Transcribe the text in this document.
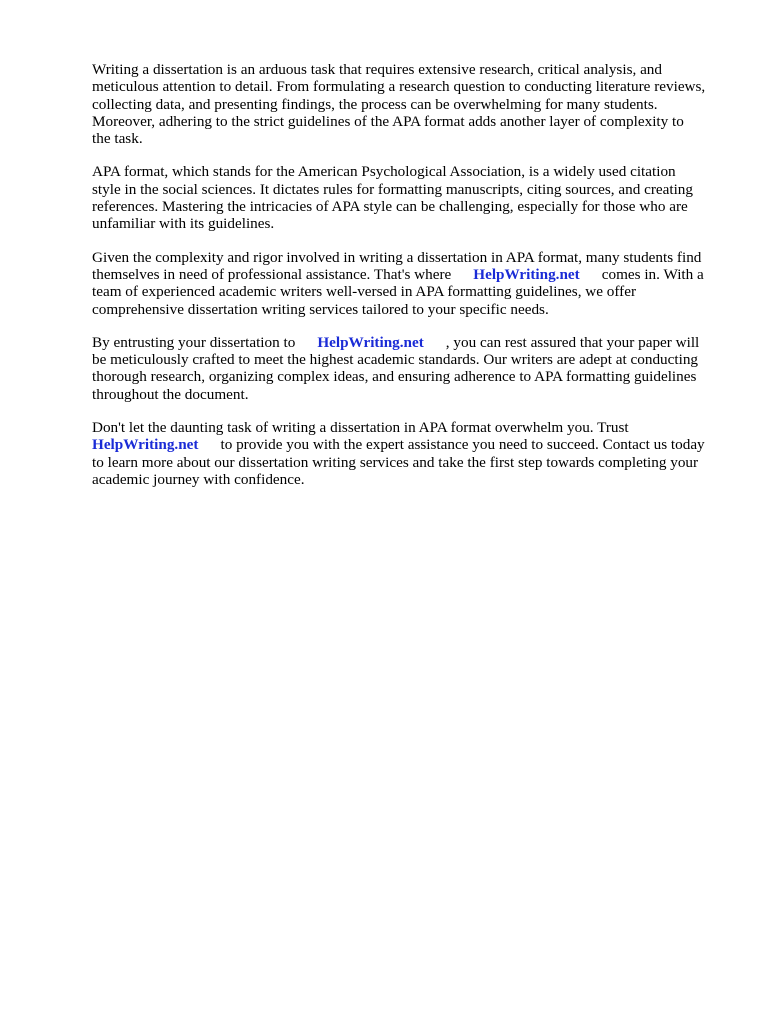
Writing a dissertation is an arduous task that requires extensive research, critical analysis, and
meticulous attention to detail. From formulating a research question to conducting literature reviews,
collecting data, and presenting findings, the process can be overwhelming for many students.
Moreover, adhering to the strict guidelines of the APA format adds another layer of complexity to
the task.

APA format, which stands for the American Psychological Association, is a widely used citation
style in the social sciences. It dictates rules for formatting manuscripts, citing sources, and creating
references. Mastering the intricacies of APA style can be challenging, especially for those who are
unfamiliar with its guidelines.

Given the complexity and rigor involved in writing a dissertation in APA format, many students find
themselves in need of professional assistance. That's where HelpWriting.net comes in. With a
team of experienced academic writers well-versed in APA formatting guidelines, we offer
comprehensive dissertation writing services tailored to your specific needs.

By entrusting your dissertation to HelpWriting.net , you can rest assured that your paper will
be meticulously crafted to meet the highest academic standards. Our writers are adept at conducting
thorough research, organizing complex ideas, and ensuring adherence to APA formatting guidelines
throughout the document.

Don't let the daunting task of writing a dissertation in APA format overwhelm you. Trust
HelpWriting.net to provide you with the expert assistance you need to succeed. Contact us today
to learn more about our dissertation writing services and take the first step towards completing your
academic journey with confidence.
